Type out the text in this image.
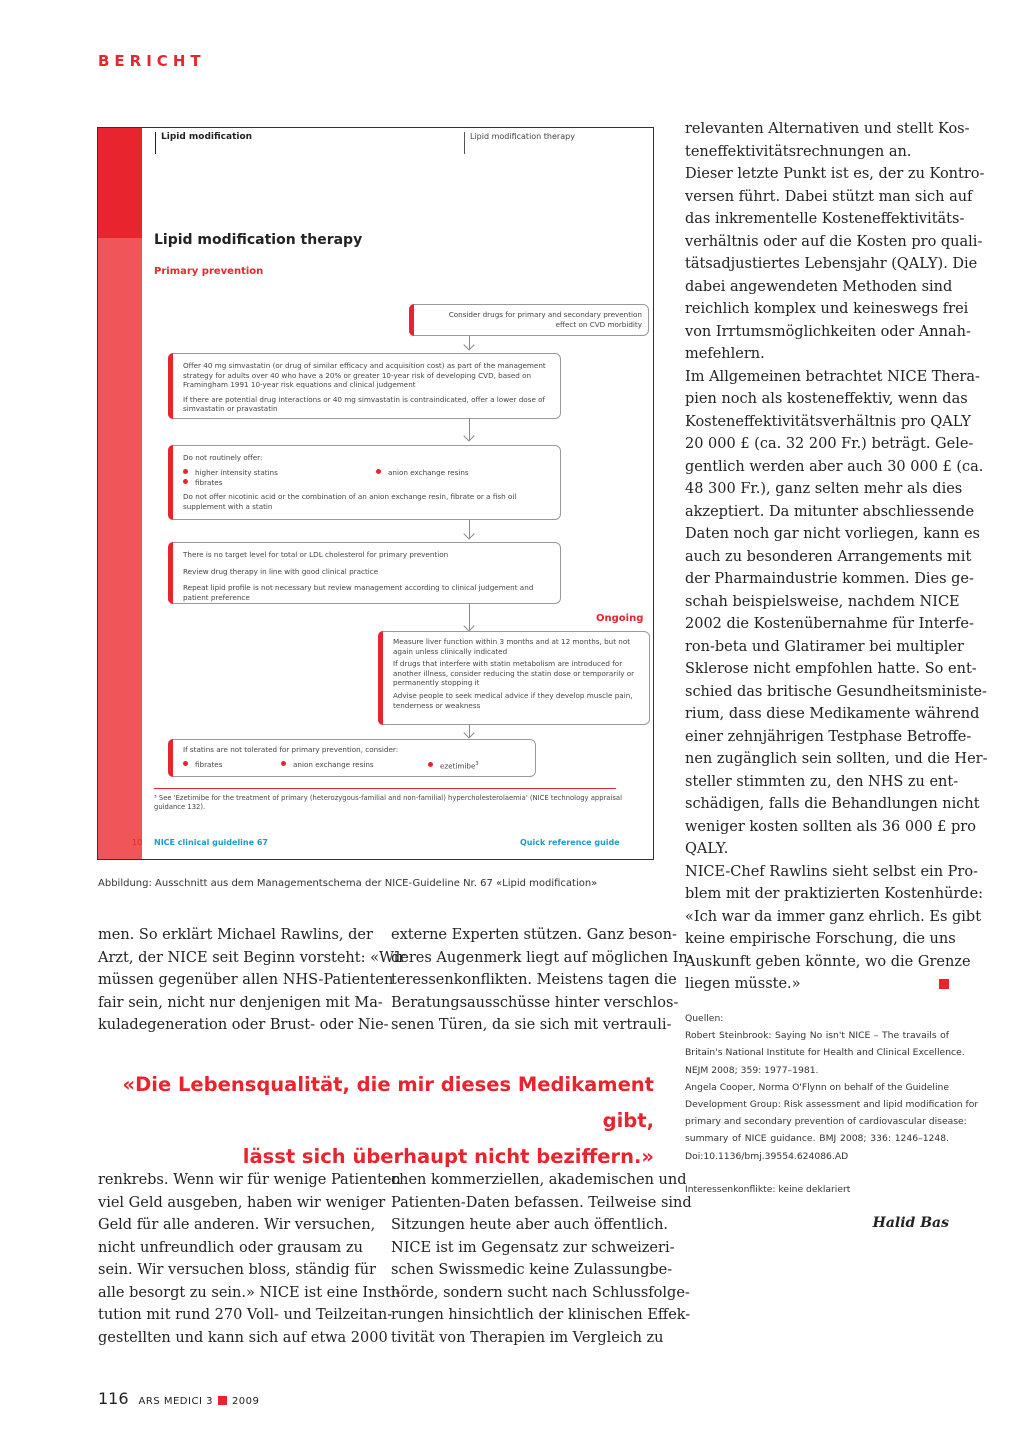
BERICHT
Lipid modification	Lipid modification therapy
Lipid modification therapy
Primary prevention
Consider drugs for primary and secondary prevention
effect on CVD morbidity

Offer 40 mg simvastatin (or drug of similar efficacy and acquisition cost) as part of the management strategy for adults over 40 who have a 20% or greater 10-year risk of developing CVD, based on Framingham 1991 10-year risk equations and clinical judgement

If there are potential drug interactions or 40 mg simvastatin is contraindicated, offer a lower dose of simvastatin or pravastatin

Do not routinely offer:

higher intensity statins	anion exchange resins

fibrates

Do not offer nicotinic acid or the combination of an anion exchange resin, fibrate or a fish oil supplement with a statin

There is no target level for total or LDL cholesterol for primary prevention

Review drug therapy in line with good clinical practice

Repeat lipid profile is not necessary but review management according to clinical judgement and patient preference

Ongoing

Measure liver function within 3 months and at 12 months, but not again unless clinically indicated

If drugs that interfere with statin metabolism are introduced for another illness, consider reducing the statin dose or temporarily or permanently stopping it

Advise people to seek medical advice if they develop muscle pain, tenderness or weakness

If statins are not tolerated for primary prevention, consider:

fibrates	anion exchange resins	ezetimibe$^3$
³ See 'Ezetimibe for the treatment of primary (heterozygous-familial and non-familial) hypercholesterolaemia' (NICE technology appraisal guidance 132).
10 NICE clinical guideline 67	Quick reference guide
Abbildung: Ausschnitt aus dem Managementschema der NICE-Guideline Nr. 67 «Lipid modification»
men. So erklärt Michael Rawlins, der
Arzt, der NICE seit Beginn vorsteht: «Wir
müssen gegenüber allen NHS-Patienten
fair sein, nicht nur denjenigen mit Ma-
kuladegeneration oder Brust- oder Nie-
externe Experten stützen. Ganz beson-
deres Augenmerk liegt auf möglichen In-
teressenkonflikten. Meistens tagen die
Beratungsausschüsse hinter verschlos-
senen Türen, da sie sich mit vertrauli-
«Die Lebensqualität, die mir dieses Medikament gibt,
lässt sich überhaupt nicht beziffern.»
renkrebs. Wenn wir für wenige Patienten
viel Geld ausgeben, haben wir weniger
Geld für alle anderen. Wir versuchen,
nicht unfreundlich oder grausam zu
sein. Wir versuchen bloss, ständig für
alle besorgt zu sein.» NICE ist eine Insti-
tution mit rund 270 Voll- und Teilzeitan-
gestellten und kann sich auf etwa 2000
chen kommerziellen, akademischen und
Patienten-Daten befassen. Teilweise sind
Sitzungen heute aber auch öffentlich.
NICE ist im Gegensatz zur schweizeri-
schen Swissmedic keine Zulassungbe-
hörde, sondern sucht nach Schlussfolge-
rungen hinsichtlich der klinischen Effek-
tivität von Therapien im Vergleich zu
relevanten Alternativen und stellt Kos-
teneffektivitätsrechnungen an.
Dieser letzte Punkt ist es, der zu Kontro-
versen führt. Dabei stützt man sich auf
das inkrementelle Kosteneffektivitäts-
verhältnis oder auf die Kosten pro quali-
tätsadjustiertes Lebensjahr (QALY). Die
dabei angewendeten Methoden sind
reichlich komplex und keineswegs frei
von Irrtumsmöglichkeiten oder Annah-
mefehlern.
Im Allgemeinen betrachtet NICE Thera-
pien noch als kosteneffektiv, wenn das
Kosteneffektivitätsverhältnis pro QALY
20 000 £ (ca. 32 200 Fr.) beträgt. Gele-
gentlich werden aber auch 30 000 £ (ca.
48 300 Fr.), ganz selten mehr als dies
akzeptiert. Da mitunter abschliessende
Daten noch gar nicht vorliegen, kann es
auch zu besonderen Arrangements mit
der Pharmaindustrie kommen. Dies ge-
schah beispielsweise, nachdem NICE
2002 die Kostenübernahme für Interfe-
ron-beta und Glatiramer bei multipler
Sklerose nicht empfohlen hatte. So ent-
schied das britische Gesundheitsministe-
rium, dass diese Medikamente während
einer zehnjährigen Testphase Betroffe-
nen zugänglich sein sollten, und die Her-
steller stimmten zu, den NHS zu ent-
schädigen, falls die Behandlungen nicht
weniger kosten sollten als 36 000 £ pro
QALY.
NICE-Chef Rawlins sieht selbst ein Pro-
blem mit der praktizierten Kostenhürde:
«Ich war da immer ganz ehrlich. Es gibt
keine empirische Forschung, die uns
Auskunft geben könnte, wo die Grenze
liegen müsste.»
Quellen:
Robert Steinbrook: Saying No isn't NICE – The travails of
Britain's National Institute for Health and Clinical Excellence.
NEJM 2008; 359: 1977–1981.
Angela Cooper, Norma O'Flynn on behalf of the Guideline
Development Group: Risk assessment and lipid modification for
primary and secondary prevention of cardiovascular disease:
summary of NICE guidance. BMJ 2008; 336: 1246–1248.
Doi:10.1136/bmj.39554.624086.AD
Interessenkonflikte: keine deklariert
Halid Bas
116 ARS MEDICI 3 2009
